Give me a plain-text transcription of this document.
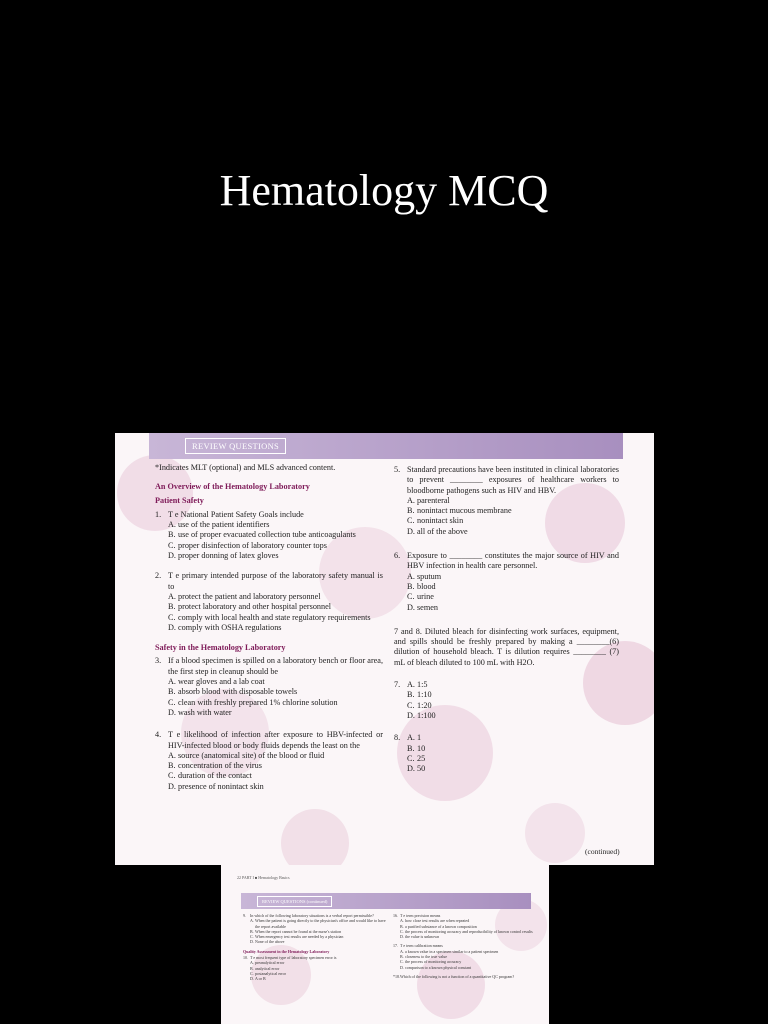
Hematology MCQ
REVIEW QUESTIONS

*Indicates MLT (optional) and MLS advanced content.

An Overview of the Hematology Laboratory

Patient Safety

1. T e National Patient Safety Goals include

A. use of the patient identifiers
B. use of proper evacuated collection tube anticoagulants
C. proper disinfection of laboratory counter tops
D. proper donning of latex gloves
2. T e primary intended purpose of the laboratory safety manual is to

A. protect the patient and laboratory personnel
B. protect laboratory and other hospital personnel
C. comply with local health and state regulatory requirements
D. comply with OSHA regulations

Safety in the Hematology Laboratory

3. If a blood specimen is spilled on a laboratory bench or floor area, the first step in cleanup should be

A. wear gloves and a lab coat
B. absorb blood with disposable towels
C. clean with freshly prepared 1% chlorine solution
D. wash with water
4. T e likelihood of infection after exposure to HBV-infected or HIV-infected blood or body fluids depends the least on the

A. source (anatomical site) of the blood or fluid
B. concentration of the virus
C. duration of the contact
D. presence of nonintact skin
5. Standard precautions have been instituted in clinical laboratories to prevent ________ exposures of healthcare workers to bloodborne pathogens such as HIV and HBV.

A. parenteral
B. nonintact mucous membrane
C. nonintact skin
D. all of the above
6. Exposure to ________ constitutes the major source of HIV and HBV infection in health care personnel.

A. sputum
B. blood
C. urine
D. semen

7 and 8. Diluted bleach for disinfecting work surfaces, equipment, and spills should be freshly prepared by making a ________(6) dilution of household bleach. T is dilution requires ________ (7) mL of bleach diluted to 100 mL with H2O.

7. A. 1:5
B. 1:10
C. 1:20
D. 1:100
8. A. 1
B. 10
C. 25
D. 50
(continued)
22 PART I ■ Hematology Basics
REVIEW QUESTIONS (continued)
9. In which of the following laboratory situations is a verbal report permissible?

A. When the patient is going directly to the physician's office and would like to have the report available
B. When the report cannot be found at the nurse's station
C. When emergency test results are needed by a physician
D. None of the above

Quality Assessment in the Hematology Laboratory

10. T e most frequent type of laboratory specimen error is

A. preanalytical error
B. analytical error
C. postanalytical error
D. A or B
16. T e term precision means

A. how close test results are when repeated
B. a purified substance of a known composition
C. the process of monitoring accuracy and reproducibility of known control results
D. the value is unknown
17. T e term calibration means

A. a known value in a specimen similar to a patient specimen
B. closeness to the true value
C. the process of monitoring accuracy
D. comparison to a known physical constant
*18. Which of the following is not a function of a quantitative QC program?
